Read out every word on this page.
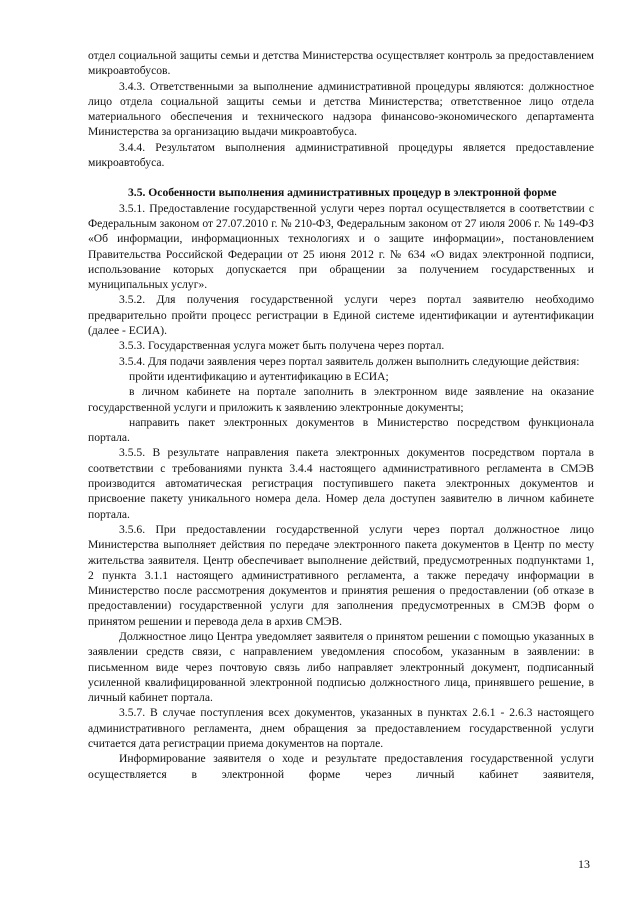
отдел социальной защиты семьи и детства Министерства осуществляет контроль за предоставлением микроавтобусов.

3.4.3. Ответственными за выполнение административной процедуры являются: должностное лицо отдела социальной защиты семьи и детства Министерства; ответственное лицо отдела материального обеспечения и технического надзора финансово-экономического департамента Министерства за организацию выдачи микроавтобуса.

3.4.4. Результатом выполнения административной процедуры является предоставление микроавтобуса.

3.5. Особенности выполнения административных процедур в электронной форме

3.5.1. Предоставление государственной услуги через портал осуществляется в соответствии с Федеральным законом от 27.07.2010 г. № 210-ФЗ, Федеральным законом от 27 июля 2006 г. № 149-ФЗ «Об информации, информационных технологиях и о защите информации», постановлением Правительства Российской Федерации от 25 июня 2012 г. № 634 «О видах электронной подписи, использование которых допускается при обращении за получением государственных и муниципальных услуг».

3.5.2. Для получения государственной услуги через портал заявителю необходимо предварительно пройти процесс регистрации в Единой системе идентификации и аутентификации (далее - ЕСИА).

3.5.3. Государственная услуга может быть получена через портал.

3.5.4. Для подачи заявления через портал заявитель должен выполнить следующие действия:

пройти идентификацию и аутентификацию в ЕСИА;

в личном кабинете на портале заполнить в электронном виде заявление на оказание государственной услуги и приложить к заявлению электронные документы;

направить пакет электронных документов в Министерство посредством функционала портала.

3.5.5. В результате направления пакета электронных документов посредством портала в соответствии с требованиями пункта 3.4.4 настоящего административного регламента в СМЭВ производится автоматическая регистрация поступившего пакета электронных документов и присвоение пакету уникального номера дела. Номер дела доступен заявителю в личном кабинете портала.

3.5.6. При предоставлении государственной услуги через портал должностное лицо Министерства выполняет действия по передаче электронного пакета документов в Центр по месту жительства заявителя. Центр обеспечивает выполнение действий, предусмотренных подпунктами 1, 2 пункта 3.1.1 настоящего административного регламента, а также передачу информации в Министерство после рассмотрения документов и принятия решения о предоставлении (об отказе в предоставлении) государственной услуги для заполнения предусмотренных в СМЭВ форм о принятом решении и перевода дела в архив СМЭВ.

Должностное лицо Центра уведомляет заявителя о принятом решении с помощью указанных в заявлении средств связи, с направлением уведомления способом, указанным в заявлении: в письменном виде через почтовую связь либо направляет электронный документ, подписанный усиленной квалифицированной электронной подписью должностного лица, принявшего решение, в личный кабинет портала.

3.5.7. В случае поступления всех документов, указанных в пунктах 2.6.1 - 2.6.3 настоящего административного регламента, днем обращения за предоставлением государственной услуги считается дата регистрации приема документов на портале.

Информирование заявителя о ходе и результате предоставления государственной услуги осуществляется в электронной форме через личный кабинет заявителя,

13
